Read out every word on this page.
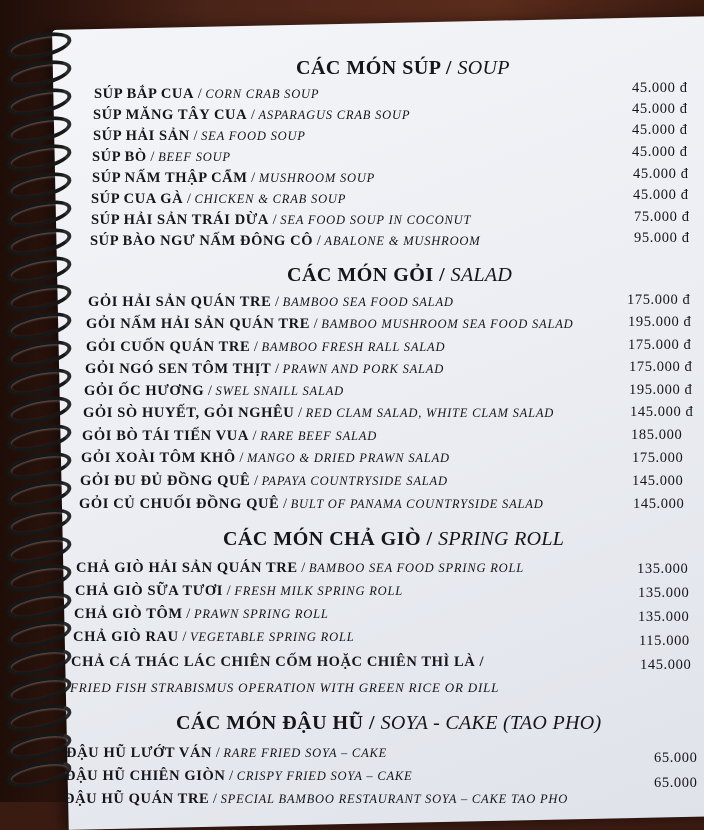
CÁC MÓN SÚP / SOUP
SÚP BẮP CUA / CORN CRAB SOUP	45.000 đ
SÚP MĂNG TÂY CUA / ASPARAGUS CRAB SOUP	45.000 đ
SÚP HẢI SẢN / SEA FOOD SOUP	45.000 đ
SÚP BÒ / BEEF SOUP	45.000 đ
SÚP NẤM THẬP CẨM / MUSHROOM SOUP	45.000 đ
SÚP CUA GÀ / CHICKEN & CRAB SOUP	45.000 đ
SÚP HẢI SẢN TRÁI DỪA / SEA FOOD SOUP IN COCONUT	75.000 đ
SÚP BÀO NGƯ NẤM ĐÔNG CÔ / ABALONE & MUSHROOM	95.000 đ
CÁC MÓN GỎI / SALAD
GỎI HẢI SẢN QUÁN TRE / BAMBOO SEA FOOD SALAD	175.000 đ
GỎI NẤM HẢI SẢN QUÁN TRE / BAMBOO MUSHROOM SEA FOOD SALAD	195.000 đ
GỎI CUỐN QUÁN TRE / BAMBOO FRESH RALL SALAD	175.000 đ
GỎI NGÓ SEN TÔM THỊT / PRAWN AND PORK SALAD	175.000 đ
GỎI ỐC HƯƠNG / SWEL SNAILL SALAD	195.000 đ
GỎI SÒ HUYẾT, GỎI NGHÊU / RED CLAM SALAD, WHITE CLAM SALAD	145.000 đ
GỎI BÒ TÁI TIẾN VUA / RARE BEEF SALAD	185.000
GỎI XOÀI TÔM KHÔ / MANGO & DRIED PRAWN SALAD	175.000
GỎI ĐU ĐỦ ĐỒNG QUÊ / PAPAYA COUNTRYSIDE SALAD	145.000
GỎI CỦ CHUỐI ĐỒNG QUÊ / BULT OF PANAMA COUNTRYSIDE SALAD	145.000
CÁC MÓN CHẢ GIÒ / SPRING ROLL
CHẢ GIÒ HẢI SẢN QUÁN TRE / BAMBOO SEA FOOD SPRING ROLL	135.000
CHẢ GIÒ SỮA TƯƠI / FRESH MILK SPRING ROLL	135.000
CHẢ GIÒ TÔM / PRAWN SPRING ROLL	135.000
CHẢ GIÒ RAU / VEGETABLE SPRING ROLL	115.000
CHẢ CÁ THÁC LÁC CHIÊN CỐM HOẶC CHIÊN THÌ LÀ /	145.000
FRIED FISH STRABISMUS OPERATION WITH GREEN RICE OR DILL
CÁC MÓN ĐẬU HŨ / SOYA - CAKE (TAO PHO)
ĐẬU HŨ LƯỚT VÁN / RARE FRIED SOYA – CAKE	65.000
ĐẬU HŨ CHIÊN GIÒN / CRISPY FRIED SOYA – CAKE	65.000
ĐẬU HŨ QUÁN TRE / SPECIAL BAMBOO RESTAURANT SOYA – CAKE TAO PHO
